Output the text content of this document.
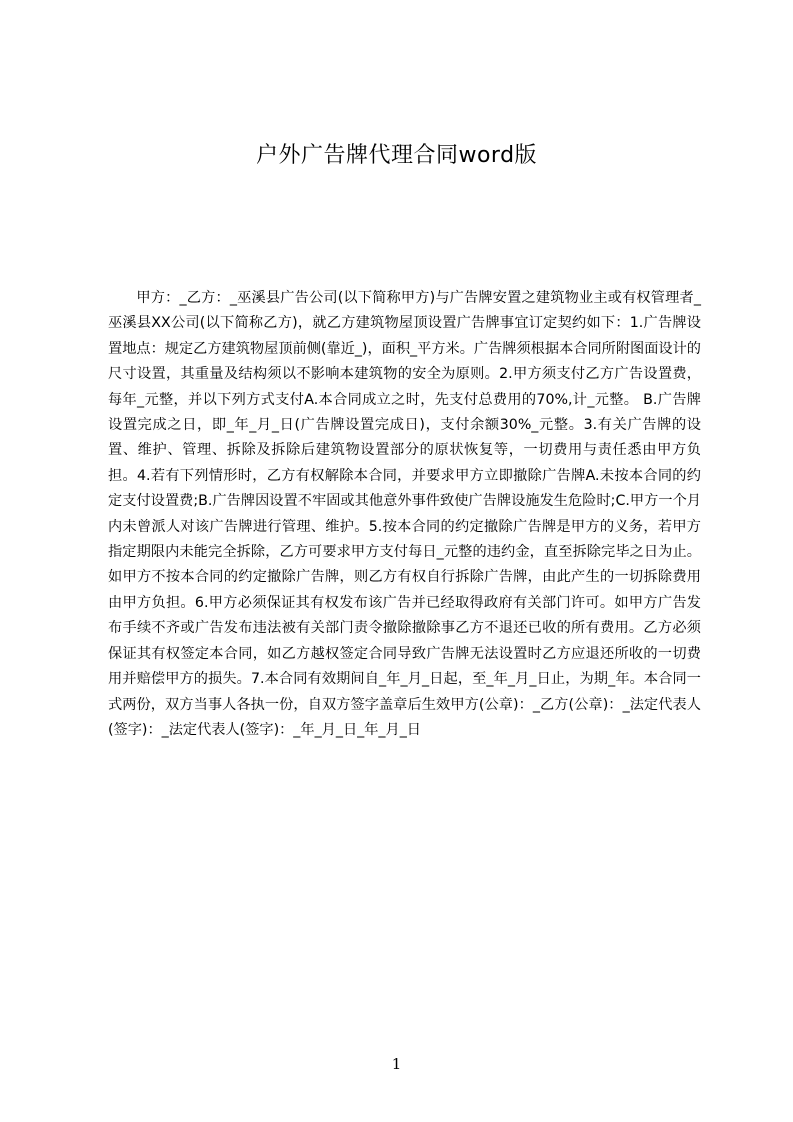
户外广告牌代理合同word版

甲方：_乙方：_巫溪县广告公司(以下简称甲方)与广告牌安置之建筑物业主或有权管理者_巫溪县XX公司(以下简称乙方)，就乙方建筑物屋顶设置广告牌事宜订定契约如下：1.广告牌设置地点：规定乙方建筑物屋顶前侧(靠近_)，面积_平方米。广告牌须根据本合同所附图面设计的尺寸设置，其重量及结构须以不影响本建筑物的安全为原则。2.甲方须支付乙方广告设置费，每年_元整，并以下列方式支付A.本合同成立之时，先支付总费用的70%,计_元整。 B.广告牌设置完成之日，即_年_月_日(广告牌设置完成日)，支付余额30%_元整。3.有关广告牌的设置、维护、管理、拆除及拆除后建筑物设置部分的原状恢复等，一切费用与责任悉由甲方负担。4.若有下列情形时，乙方有权解除本合同，并要求甲方立即撤除广告牌A.未按本合同的约定支付设置费;B.广告牌因设置不牢固或其他意外事件致使广告牌设施发生危险时;C.甲方一个月内未曾派人对该广告牌进行管理、维护。5.按本合同的约定撤除广告牌是甲方的义务，若甲方指定期限内未能完全拆除，乙方可要求甲方支付每日_元整的违约金，直至拆除完毕之日为止。如甲方不按本合同的约定撤除广告牌，则乙方有权自行拆除广告牌，由此产生的一切拆除费用由甲方负担。6.甲方必须保证其有权发布该广告并已经取得政府有关部门许可。如甲方广告发布手续不齐或广告发布违法被有关部门责令撤除撤除事乙方不退还已收的所有费用。乙方必须保证其有权签定本合同，如乙方越权签定合同导致广告牌无法设置时乙方应退还所收的一切费用并赔偿甲方的损失。7.本合同有效期间自_年_月_日起，至_年_月_日止，为期_年。本合同一式两份，双方当事人各执一份，自双方签字盖章后生效甲方(公章)：_乙方(公章)：_法定代表人(签字)：_法定代表人(签字)：_年_月_日_年_月_日

1
